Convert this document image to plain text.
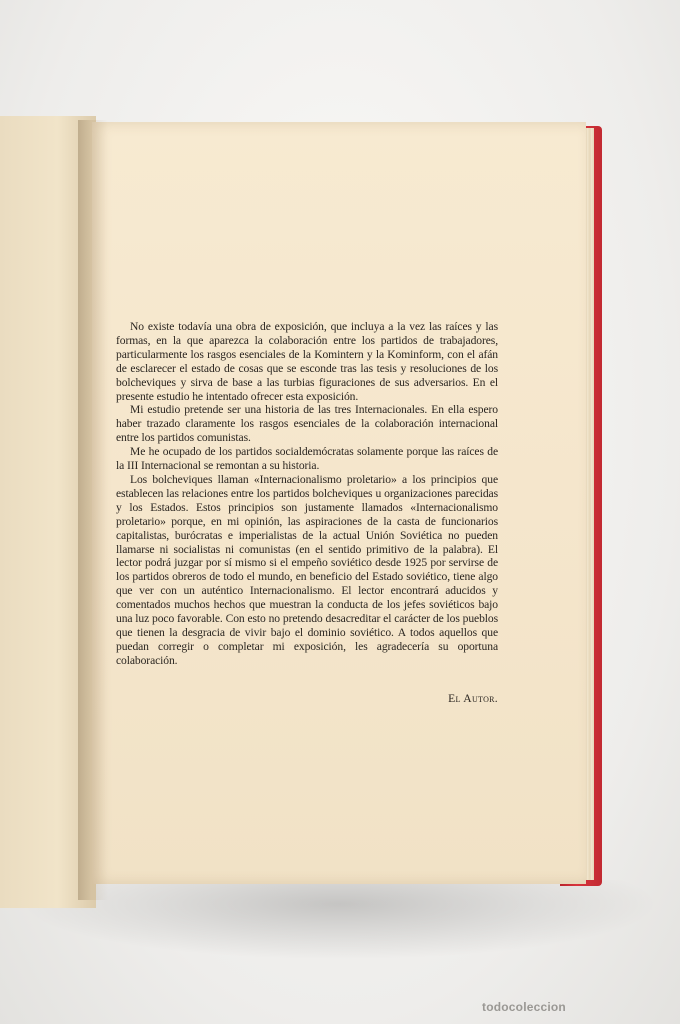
No existe todavía una obra de exposición, que incluya a la vez las raíces y las formas, en la que aparezca la colaboración entre los partidos de trabajadores, particularmente los rasgos esenciales de la Komintern y la Kominform, con el afán de esclarecer el estado de cosas que se esconde tras las tesis y resoluciones de los bolcheviques y sirva de base a las turbias figuraciones de sus adversarios. En el presente estudio he intentado ofrecer esta exposición.

Mi estudio pretende ser una historia de las tres Internacionales. En ella espero haber trazado claramente los rasgos esenciales de la colaboración internacional entre los partidos comunistas.

Me he ocupado de los partidos socialdemócratas solamente porque las raíces de la III Internacional se remontan a su historia.

Los bolcheviques llaman «Internacionalismo proletario» a los principios que establecen las relaciones entre los partidos bolcheviques u organizaciones parecidas y los Estados. Estos principios son justamente llamados «Internacionalismo proletario» porque, en mi opinión, las aspiraciones de la casta de funcionarios capitalistas, burócratas e imperialistas de la actual Unión Soviética no pueden llamarse ni socialistas ni comunistas (en el sentido primitivo de la palabra). El lector podrá juzgar por sí mismo si el empeño soviético desde 1925 por servirse de los partidos obreros de todo el mundo, en beneficio del Estado soviético, tiene algo que ver con un auténtico Internacionalismo. El lector encontrará aducidos y comentados muchos hechos que muestran la conducta de los jefes soviéticos bajo una luz poco favorable. Con esto no pretendo desacreditar el carácter de los pueblos que tienen la desgracia de vivir bajo el dominio soviético. A todos aquellos que puedan corregir o completar mi exposición, les agradecería su oportuna colaboración.

El Autor.
todocoleccion
